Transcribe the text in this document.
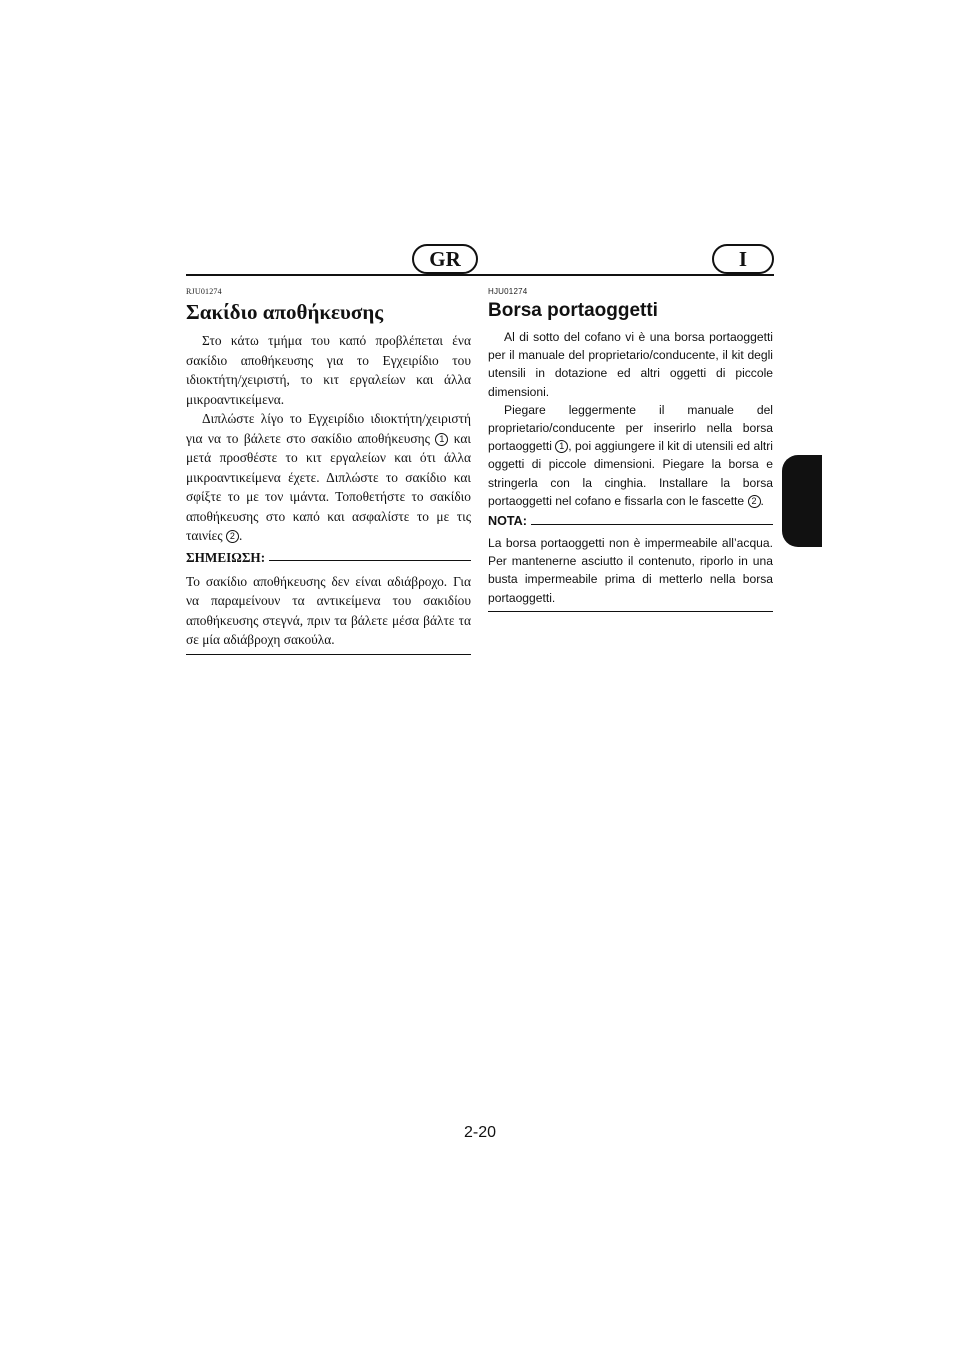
GR	I

RJU01274

Σακίδιο αποθήκευσης

Στο κάτω τμήμα του καπό προβλέπεται ένα σακίδιο αποθήκευσης για το Εγχειρίδιο του ιδιοκτήτη/χειριστή, το κιτ εργαλείων και άλλα μικροαντικείμενα.

Διπλώστε λίγο το Εγχειρίδιο ιδιοκτήτη/χειριστή για να το βάλετε στο σακίδιο αποθήκευσης 1 και μετά προσθέστε το κιτ εργαλείων και ότι άλλα μικροαντικείμενα έχετε. Διπλώστε το σακίδιο και σφίξτε το με τον ιμάντα. Τοποθετήστε το σακίδιο αποθήκευσης στο καπό και ασφαλίστε το με τις ταινίες 2 .

ΣΗΜΕΙΩΣΗ:

Το σακίδιο αποθήκευσης δεν είναι αδιάβροχο. Για να παραμείνουν τα αντικείμενα του σακιδίου αποθήκευσης στεγνά, πριν τα βάλετε μέσα βάλτε τα σε μία αδιάβροχη σακούλα.

HJU01274

Borsa portaoggetti

Al di sotto del cofano vi è una borsa portaoggetti per il manuale del proprietario/conducente, il kit degli utensili in dotazione ed altri oggetti di piccole dimensioni.

Piegare leggermente il manuale del proprietario/conducente per inserirlo nella borsa portaoggetti 1 , poi aggiungere il kit di utensili ed altri oggetti di piccole dimensioni. Piegare la borsa e stringerla con la cinghia. Installare la borsa portaoggetti nel cofano e fissarla con le fascette 2 .

NOTA:

La borsa portaoggetti non è impermeabile all’acqua. Per mantenerne asciutto il contenuto, riporlo in una busta impermeabile prima di metterlo nella borsa portaoggetti.

2-20
